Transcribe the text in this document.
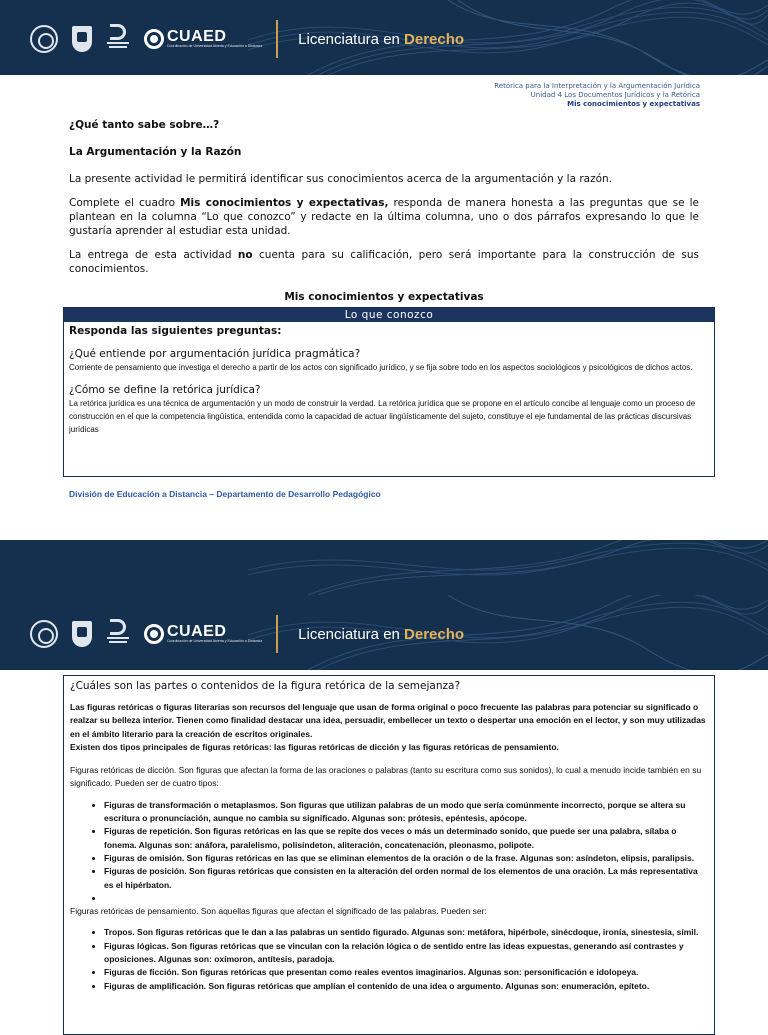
CUAED
Coordinación de Universidad Abierta y Educación a Distancia Licenciatura en Derecho
Retórica para la Interpretación y la Argumentación Jurídica
Unidad 4 Los Documentos Jurídicos y la Retórica
Mis conocimientos y expectativas
¿Qué tanto sabe sobre…?
La Argumentación y la Razón

La presente actividad le permitirá identificar sus conocimientos acerca de la argumentación y la razón.

Complete el cuadro Mis conocimientos y expectativas, responda de manera honesta a las preguntas que se le plantean en la columna “Lo que conozco” y redacte en la última columna, uno o dos párrafos expresando lo que le gustaría aprender al estudiar esta unidad.

La entrega de esta actividad no cuenta para su calificación, pero será importante para la construcción de sus conocimientos.

Mis conocimientos y expectativas
Lo que conozco
Responda las siguientes preguntas:
¿Qué entiende por argumentación jurídica pragmática?
Corriente de pensamiento que investiga el derecho a partir de los actos con significado jurídico, y se fija sobre todo en los aspectos sociológicos y psicológicos de dichos actos.
¿Cómo se define la retórica jurídica?
La retórica jurídica es una técnica de argumentación y un modo de construir la verdad. La retórica jurídica que se propone en el artículo concibe al lenguaje como un proceso de construcción en el que la competencia lingüística, entendida como la capacidad de actuar lingüísticamente del sujeto, constituye el eje fundamental de las prácticas discursivas jurídicas
División de Educación a Distancia – Departamento de Desarrollo Pedagógico
CUAED
Coordinación de Universidad Abierta y Educación a Distancia Licenciatura en Derecho
¿Cuáles son las partes o contenidos de la figura retórica de la semejanza?
Las figuras retóricas o figuras literarias son recursos del lenguaje que usan de forma original o poco frecuente las palabras para potenciar su significado o realzar su belleza interior. Tienen como finalidad destacar una idea, persuadir, embellecer un texto o despertar una emoción en el lector, y son muy utilizadas en el ámbito literario para la creación de escritos originales.
Existen dos tipos principales de figuras retóricas: las figuras retóricas de dicción y las figuras retóricas de pensamiento.
Figuras retóricas de dicción. Son figuras que afectan la forma de las oraciones o palabras (tanto su escritura como sus sonidos), lo cual a menudo incide también en su significado. Pueden ser de cuatro tipos:
• Figuras de transformación o metaplasmos. Son figuras que utilizan palabras de un modo que sería comúnmente incorrecto, porque se altera su escritura o pronunciación, aunque no cambia su significado. Algunas son: prótesis, epéntesis, apócope.
• Figuras de repetición. Son figuras retóricas en las que se repite dos veces o más un determinado sonido, que puede ser una palabra, sílaba o fonema. Algunas son: anáfora, paralelismo, polisíndeton, aliteración, concatenación, pleonasmo, polipote.
• Figuras de omisión. Son figuras retóricas en las que se eliminan elementos de la oración o de la frase. Algunas son: asíndeton, elipsis, paralipsis.
• Figuras de posición. Son figuras retóricas que consisten en la alteración del orden normal de los elementos de una oración. La más representativa es el hipérbaton.
•
Figuras retóricas de pensamiento. Son aquellas figuras que afectan el significado de las palabras. Pueden ser:
• Tropos. Son figuras retóricas que le dan a las palabras un sentido figurado. Algunas son: metáfora, hipérbole, sinécdoque, ironía, sinestesia, símil.
• Figuras lógicas. Son figuras retóricas que se vinculan con la relación lógica o de sentido entre las ideas expuestas, generando así contrastes y oposiciones. Algunas son: oxímoron, antítesis, paradoja.
• Figuras de ficción. Son figuras retóricas que presentan como reales eventos imaginarios. Algunas son: personificación e idolopeya.
• Figuras de amplificación. Son figuras retóricas que amplían el contenido de una idea o argumento. Algunas son: enumeración, epíteto.
